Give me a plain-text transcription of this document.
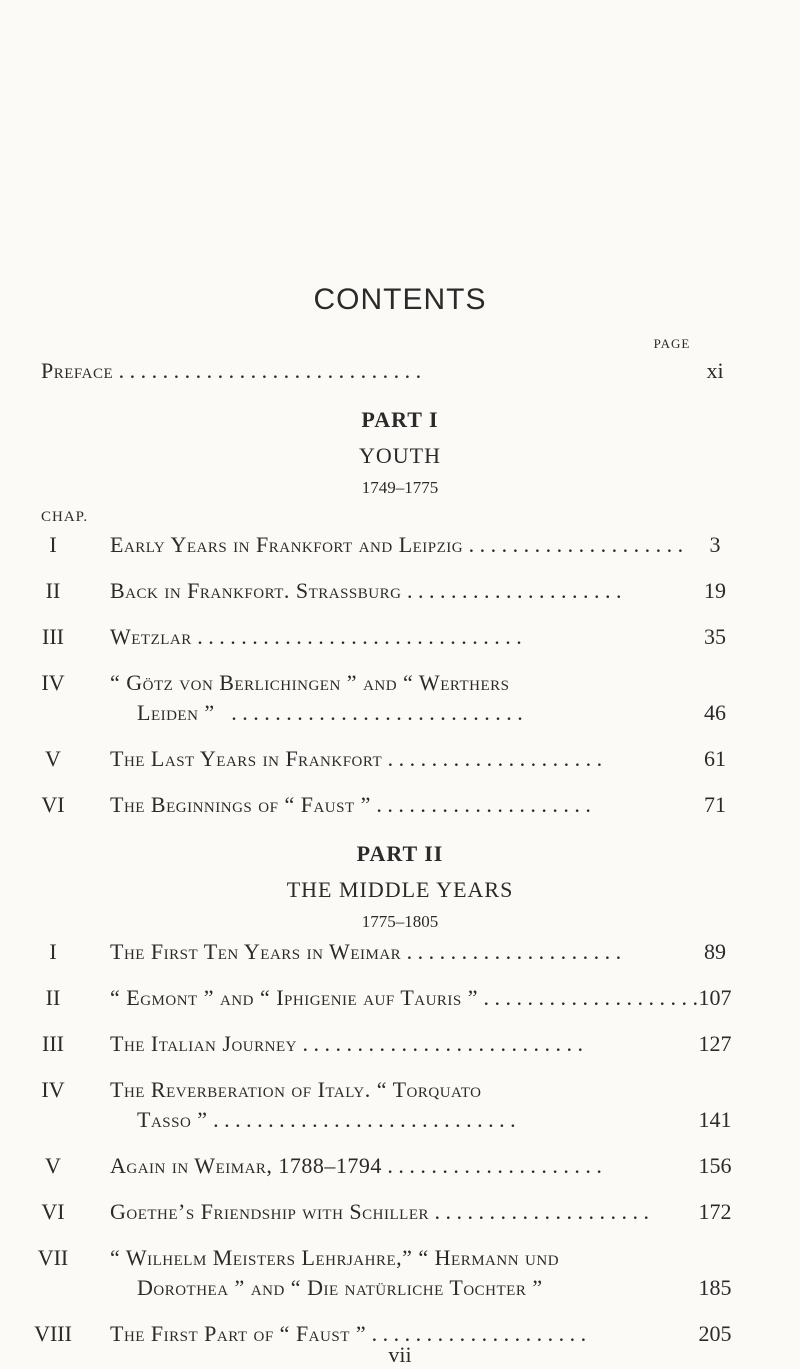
CONTENTS
PAGE
Preface . . . . . . . . . . . . . . . . . . . . . . . . . . . .	xi
PART I
YOUTH
1749–1775
CHAP.
I	Early Years in Frankfort and Leipzig . . . . . . . . . . . . . . . . . . . .	3
II	Back in Frankfort. Strassburg . . . . . . . . . . . . . . . . . . . .	19
III	Wetzlar . . . . . . . . . . . . . . . . . . . . . . . . . . . . . .	35
IV	“ Götz von Berlichingen ” and “ Werthers
Leiden ” . . . . . . . . . . . . . . . . . . . . . . . . . . .	46
V	The Last Years in Frankfort . . . . . . . . . . . . . . . . . . . .	61
VI	The Beginnings of “ Faust ” . . . . . . . . . . . . . . . . . . . .	71
PART II
THE MIDDLE YEARS
1775–1805
I	The First Ten Years in Weimar . . . . . . . . . . . . . . . . . . . .	89
II	“ Egmont ” and “ Iphigenie auf Tauris ” . . . . . . . . . . . . . . . . . . . . 107
III	The Italian Journey . . . . . . . . . . . . . . . . . . . . . . . . . .	127
IV	The Reverberation of Italy. “ Torquato
Tasso ” . . . . . . . . . . . . . . . . . . . . . . . . . . . .	141
V	Again in Weimar, 1788–1794 . . . . . . . . . . . . . . . . . . . .	156
VI	Goethe’s Friendship with Schiller . . . . . . . . . . . . . . . . . . . .	172
VII “ Wilhelm Meisters Lehrjahre,” “ Hermann und
Dorothea ” and “ Die natürliche Tochter ”	185
VIII The First Part of “ Faust ” . . . . . . . . . . . . . . . . . . . .	205
vii
